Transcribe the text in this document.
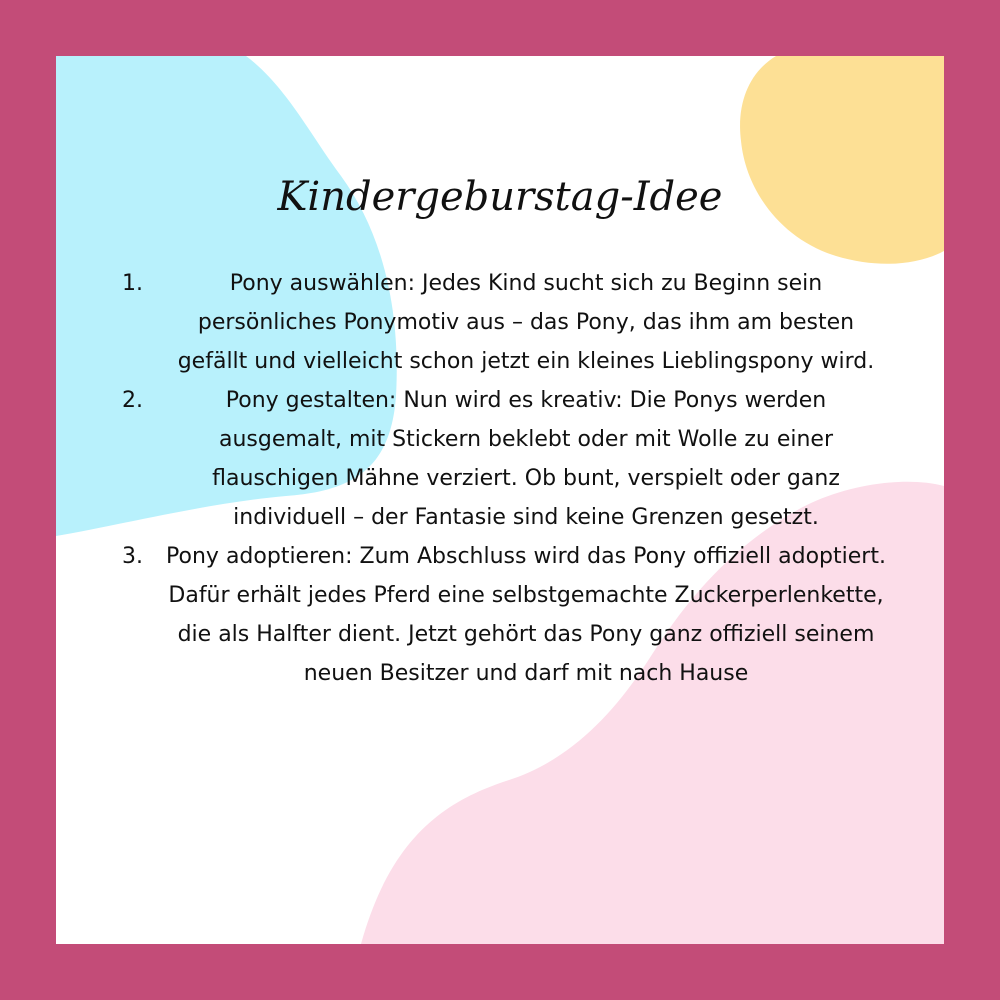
Kindergeburstag-Idee
1.	Pony auswählen: Jedes Kind sucht sich zu Beginn sein persönliches Ponymotiv aus – das Pony, das ihm am besten gefällt und vielleicht schon jetzt ein kleines Lieblingspony wird.
2.	Pony gestalten: Nun wird es kreativ: Die Ponys werden ausgemalt, mit Stickern beklebt oder mit Wolle zu einer flauschigen Mähne verziert. Ob bunt, verspielt oder ganz individuell – der Fantasie sind keine Grenzen gesetzt.
3.	Pony adoptieren: Zum Abschluss wird das Pony offiziell adoptiert. Dafür erhält jedes Pferd eine selbstgemachte Zuckerperlenkette, die als Halfter dient. Jetzt gehört das Pony ganz offiziell seinem neuen Besitzer und darf mit nach Hause
